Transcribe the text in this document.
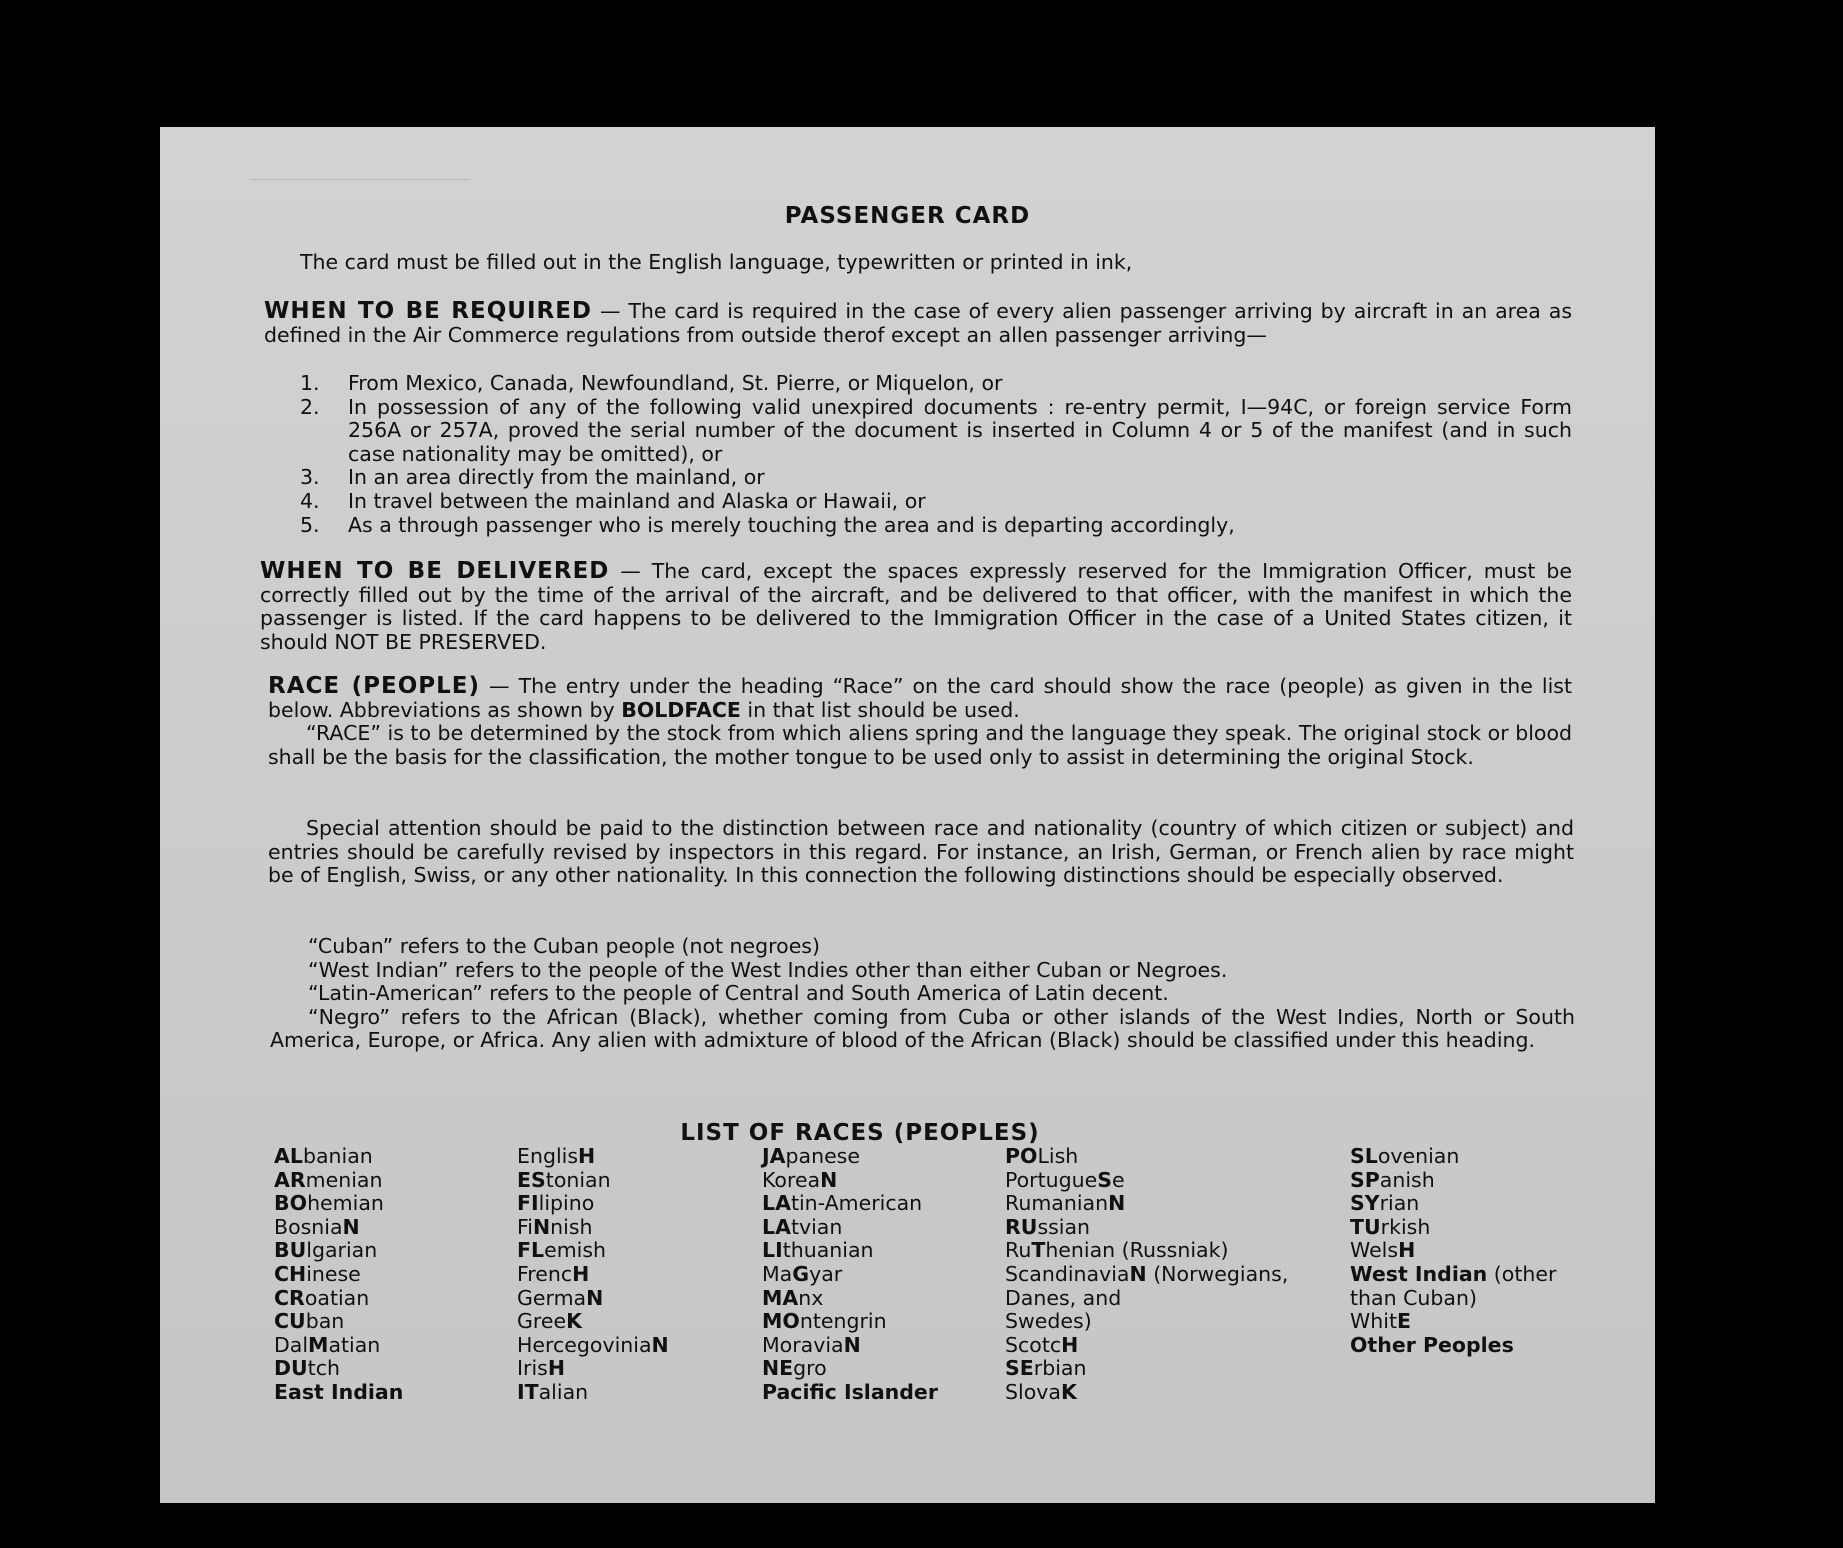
PASSENGER CARD

The card must be filled out in the English language, typewritten or printed in ink,

WHEN TO BE REQUIRED — The card is required in the case of every alien passenger arriving by aircraft in an area as defined in the Air Commerce regulations from outside therof except an allen passenger arriving—

1.	From Mexico, Canada, Newfoundland, St. Pierre, or Miquelon, or
2.	In possession of any of the following valid unexpired documents : re-entry permit, I—94C, or foreign service Form 256A or 257A, proved the serial number of the document is inserted in Column 4 or 5 of the manifest (and in such case nationality may be omitted), or
3.	In an area directly from the mainland, or
4.	In travel between the mainland and Alaska or Hawaii, or
5.	As a through passenger who is merely touching the area and is departing accordingly,

WHEN TO BE DELIVERED — The card, except the spaces expressly reserved for the Immigration Officer, must be correctly filled out by the time of the arrival of the aircraft, and be delivered to that officer, with the manifest in which the passenger is listed. If the card happens to be delivered to the Immigration Officer in the case of a United States citizen, it should NOT BE PRESERVED.

RACE (PEOPLE) — The entry under the heading “Race” on the card should show the race (people) as given in the list below. Abbreviations as shown by BOLDFACE in that list should be used.

“RACE” is to be determined by the stock from which aliens spring and the language they speak. The original stock or blood shall be the basis for the classification, the mother tongue to be used only to assist in determining the original Stock.

Special attention should be paid to the distinction between race and nationality (country of which citizen or subject) and entries should be carefully revised by inspectors in this regard. For instance, an Irish, German, or French alien by race might be of English, Swiss, or any other nationality. In this connection the following distinctions should be especially observed.

“Cuban” refers to the Cuban people (not negroes)
“West Indian” refers to the people of the West Indies other than either Cuban or Negroes.
“Latin-American” refers to the people of Central and South America of Latin decent.
“Negro” refers to the African (Black), whether coming from Cuba or other islands of the West Indies, North or South America, Europe, or Africa. Any alien with admixture of blood of the African (Black) should be classified under this heading.
LIST OF RACES (PEOPLES)
ALbanian
ARmenian
BOhemian
BosniaN
BUlgarian
CHinese
CRoatian
CUban
DalMatian
DUtch
East Indian
EnglisH
EStonian
FIlipino
FiNnish
FLemish
FrencH
GermaN
GreeK
HercegoviniaN
IrisH
ITalian
JApanese
KoreaN
LAtin-American
LAtvian
LIthuanian
MaGyar
MAnx
MOntengrin
MoraviaN
NEgro
Pacific Islander
POLish
PortugueSe
RumanianN
RUssian
RuThenian (Russniak)
ScandinaviaN (Norwegians,
Danes, and
Swedes)
ScotcH
SErbian
SlovaK
SLovenian
SPanish
SYrian
TUrkish
WelsH
West Indian (other
than Cuban)
WhitE
Other Peoples
